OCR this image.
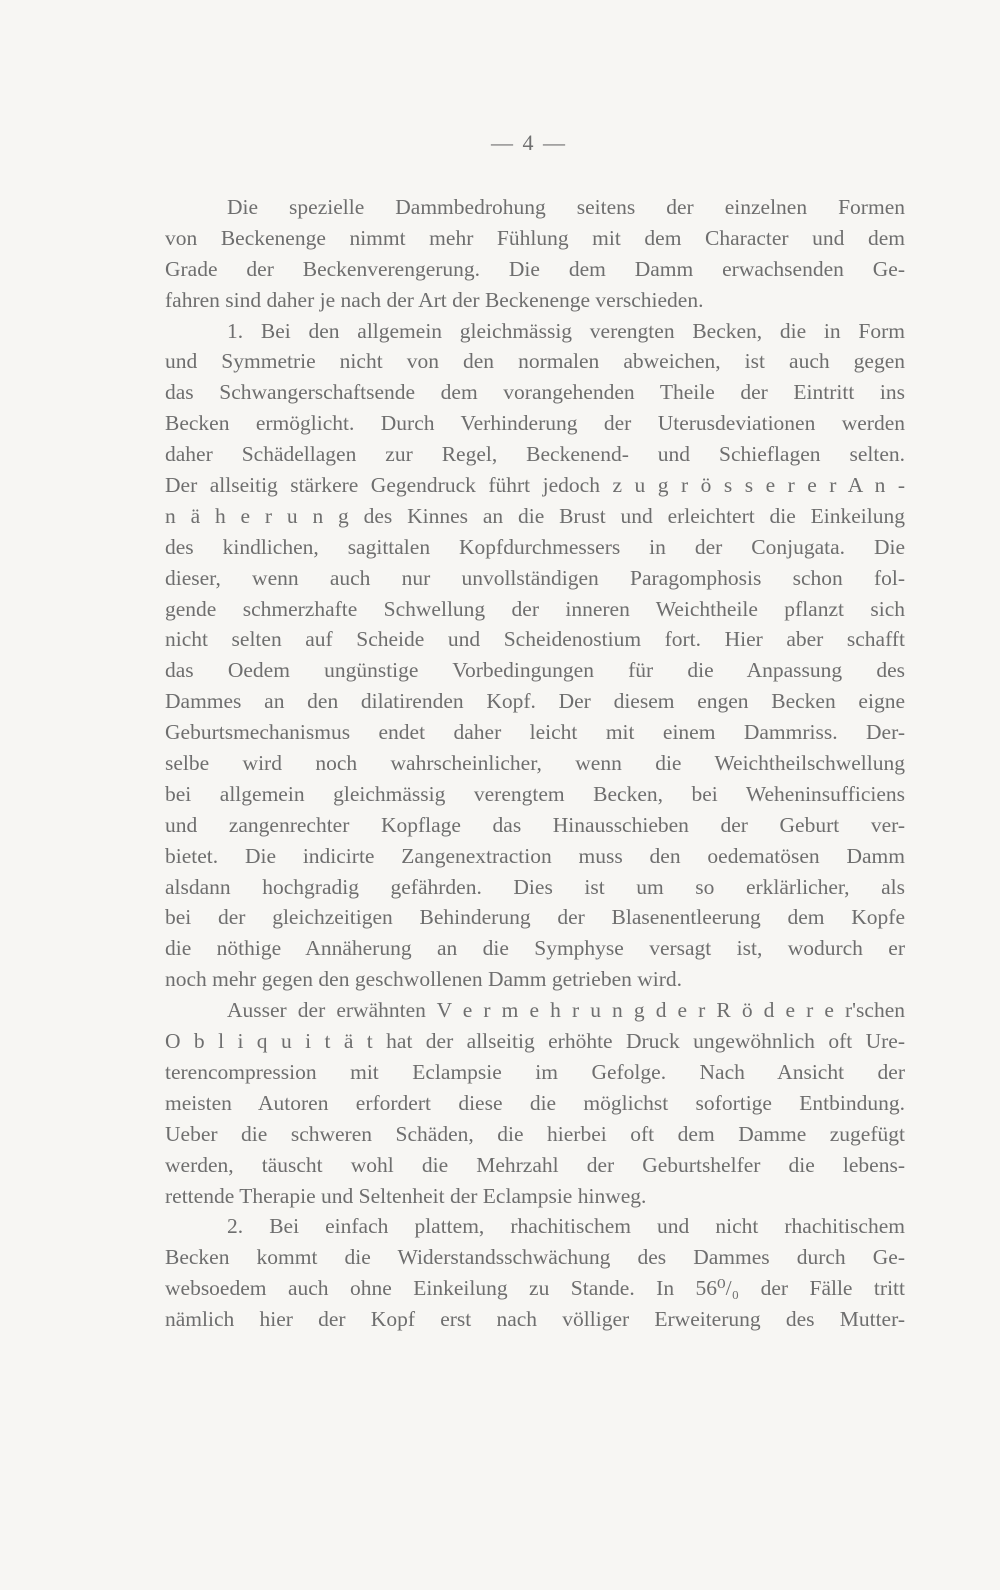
— 4 —
Die spezielle Dammbedrohung seitens der einzelnen Formen
von Beckenenge nimmt mehr Fühlung mit dem Character und dem
Grade der Beckenverengerung. Die dem Damm erwachsenden Ge-
fahren sind daher je nach der Art der Beckenenge verschieden.
1. Bei den allgemein gleichmässig verengten Becken, die in Form
und Symmetrie nicht von den normalen abweichen, ist auch gegen
das Schwangerschaftsende dem vorangehenden Theile der Eintritt ins
Becken ermöglicht. Durch Verhinderung der Uterusdeviationen werden
daher Schädellagen zur Regel, Beckenend- und Schieflagen selten.
Der allseitig stärkere Gegendruck führt jedoch z u g r ö s s e r e r A n -
n ä h e r u n g des Kinnes an die Brust und erleichtert die Einkeilung
des kindlichen, sagittalen Kopfdurchmessers in der Conjugata. Die
dieser, wenn auch nur unvollständigen Paragomphosis schon fol-
gende schmerzhafte Schwellung der inneren Weichtheile pflanzt sich
nicht selten auf Scheide und Scheidenostium fort. Hier aber schafft
das Oedem ungünstige Vorbedingungen für die Anpassung des
Dammes an den dilatirenden Kopf. Der diesem engen Becken eigne
Geburtsmechanismus endet daher leicht mit einem Dammriss. Der-
selbe wird noch wahrscheinlicher, wenn die Weichtheilschwellung
bei allgemein gleichmässig verengtem Becken, bei Weheninsufficiens
und zangenrechter Kopflage das Hinausschieben der Geburt ver-
bietet. Die indicirte Zangenextraction muss den oedematösen Damm
alsdann hochgradig gefährden. Dies ist um so erklärlicher, als
bei der gleichzeitigen Behinderung der Blasenentleerung dem Kopfe
die nöthige Annäherung an die Symphyse versagt ist, wodurch er
noch mehr gegen den geschwollenen Damm getrieben wird.
Ausser der erwähnten V e r m e h r u n g d e r R ö d e r e r'schen
O b l i q u i t ä t hat der allseitig erhöhte Druck ungewöhnlich oft Ure-
terencompression mit Eclampsie im Gefolge. Nach Ansicht der
meisten Autoren erfordert diese die möglichst sofortige Entbindung.
Ueber die schweren Schäden, die hierbei oft dem Damme zugefügt
werden, täuscht wohl die Mehrzahl der Geburtshelfer die lebens-
rettende Therapie und Seltenheit der Eclampsie hinweg.
2. Bei einfach plattem, rhachitischem und nicht rhachitischem
Becken kommt die Widerstandsschwächung des Dammes durch Ge-
websoedem auch ohne Einkeilung zu Stande. In 56⁰/₀ der Fälle tritt
nämlich hier der Kopf erst nach völliger Erweiterung des Mutter-
